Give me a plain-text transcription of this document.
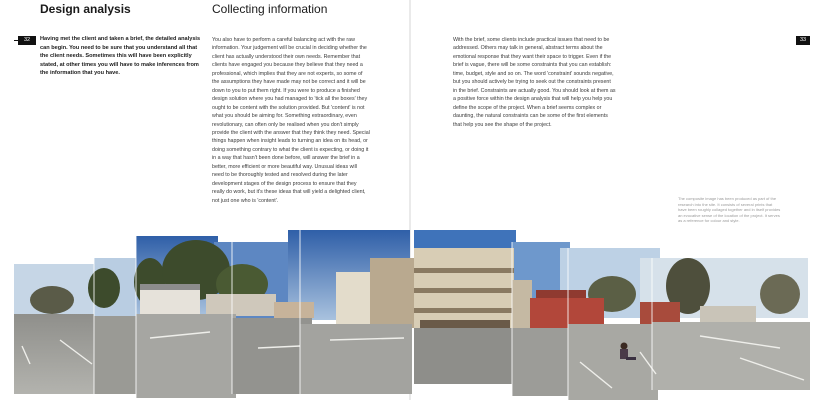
Design analysis	Collecting information
32	33

Having met the client and taken a brief, the detailed analysis can begin. You need to be sure that you understand all that the client needs. Sometimes this will have been explicitly stated, at other times you will have to make inferences from the information that you have.

You also have to perform a careful balancing act with the raw information. Your judgement will be crucial in deciding whether the client has actually understood their own needs. Remember that clients have engaged you because they believe that they need a professional, which implies that they are not experts, so some of the assumptions they have made may not be correct and it will be down to you to put them right. If you were to produce a finished design solution where you had managed to 'tick all the boxes' they ought to be content with the solution provided. But 'content' is not what you should be aiming for. Something extraordinary, even revolutionary, can often only be realised when you don't simply provide the client with the answer that they think they need. Special things happen when insight leads to turning an idea on its head, or doing something contrary to what the client is expecting, or doing it in a way that hasn't been done before, will answer the brief in a better, more efficient or more beautiful way. Unusual ideas will need to be thoroughly tested and resolved during the later development stages of the design process to ensure that they really do work, but it's these ideas that will yield a delighted client, not just one who is 'content'.

With the brief, some clients include practical issues that need to be addressed. Others may talk in general, abstract terms about the emotional response that they want their space to trigger. Even if the brief is vague, there will be some constraints that you can establish: time, budget, style and so on. The word 'constraint' sounds negative, but you should actively be trying to seek out the constraints present in the brief. Constraints are actually good. You should look at them as a positive force within the design analysis that will help you help you define the scope of the project. When a brief seems complex or daunting, the natural constraints can be some of the first elements that help you see the shape of the project.

The composite image has been produced as part of the research into the site. It consists of several prints that have been roughly collaged together and in itself provides an evocative sense of the location of the project. It serves as a reference for colour and style.
